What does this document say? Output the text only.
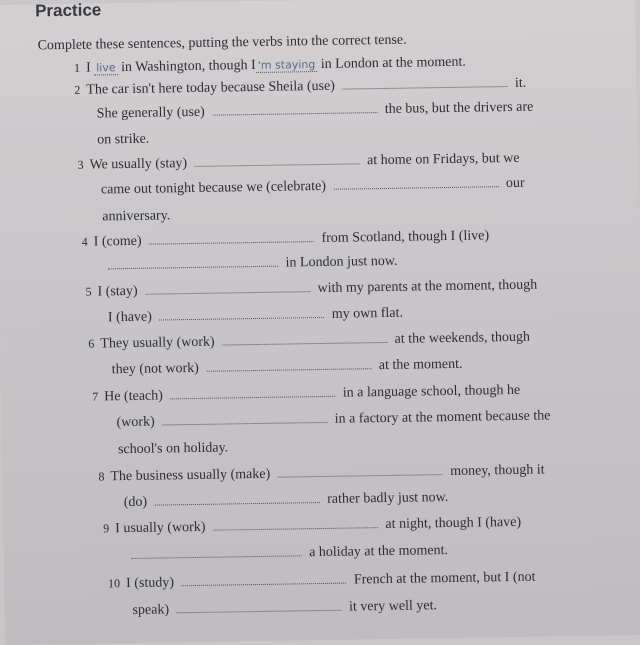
Practice
Complete these sentences, putting the verbs into the correct tense.
1 I live in Washington, though I 'm staying in London at the moment.
2 The car isn't here today because Sheila (use)	it.
She generally (use)	the bus, but the drivers are
on strike.
3 We usually (stay)	at home on Fridays, but we
came out tonight because we (celebrate)	our
anniversary.
4 I (come)	from Scotland, though I (live)
in London just now.
5 I (stay)	with my parents at the moment, though
I (have)	my own flat.
6 They usually (work)	at the weekends, though
they (not work)	at the moment.
7 He (teach)	in a language school, though he
(work)	in a factory at the moment because the
school's on holiday.
8 The business usually (make)	money, though it
(do)	rather badly just now.
9 I usually (work)	at night, though I (have)
a holiday at the moment.
10 I (study)	French at the moment, but I (not
speak)	it very well yet.
